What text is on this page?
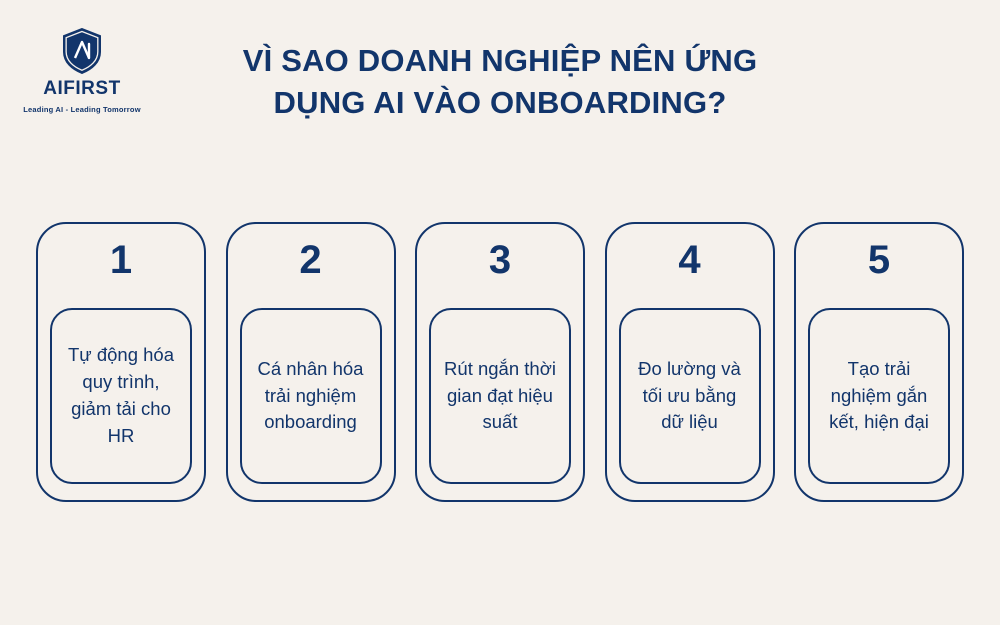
AIFIRST
Leading AI - Leading Tomorrow
VÌ SAO DOANH NGHIỆP NÊN ỨNG
DỤNG AI VÀO ONBOARDING?
1
Tự động hóa quy trình, giảm tải cho HR
2
Cá nhân hóa trải nghiệm onboarding
3
Rút ngắn thời gian đạt hiệu suất
4
Đo lường và tối ưu bằng dữ liệu
5
Tạo trải nghiệm gắn kết, hiện đại
